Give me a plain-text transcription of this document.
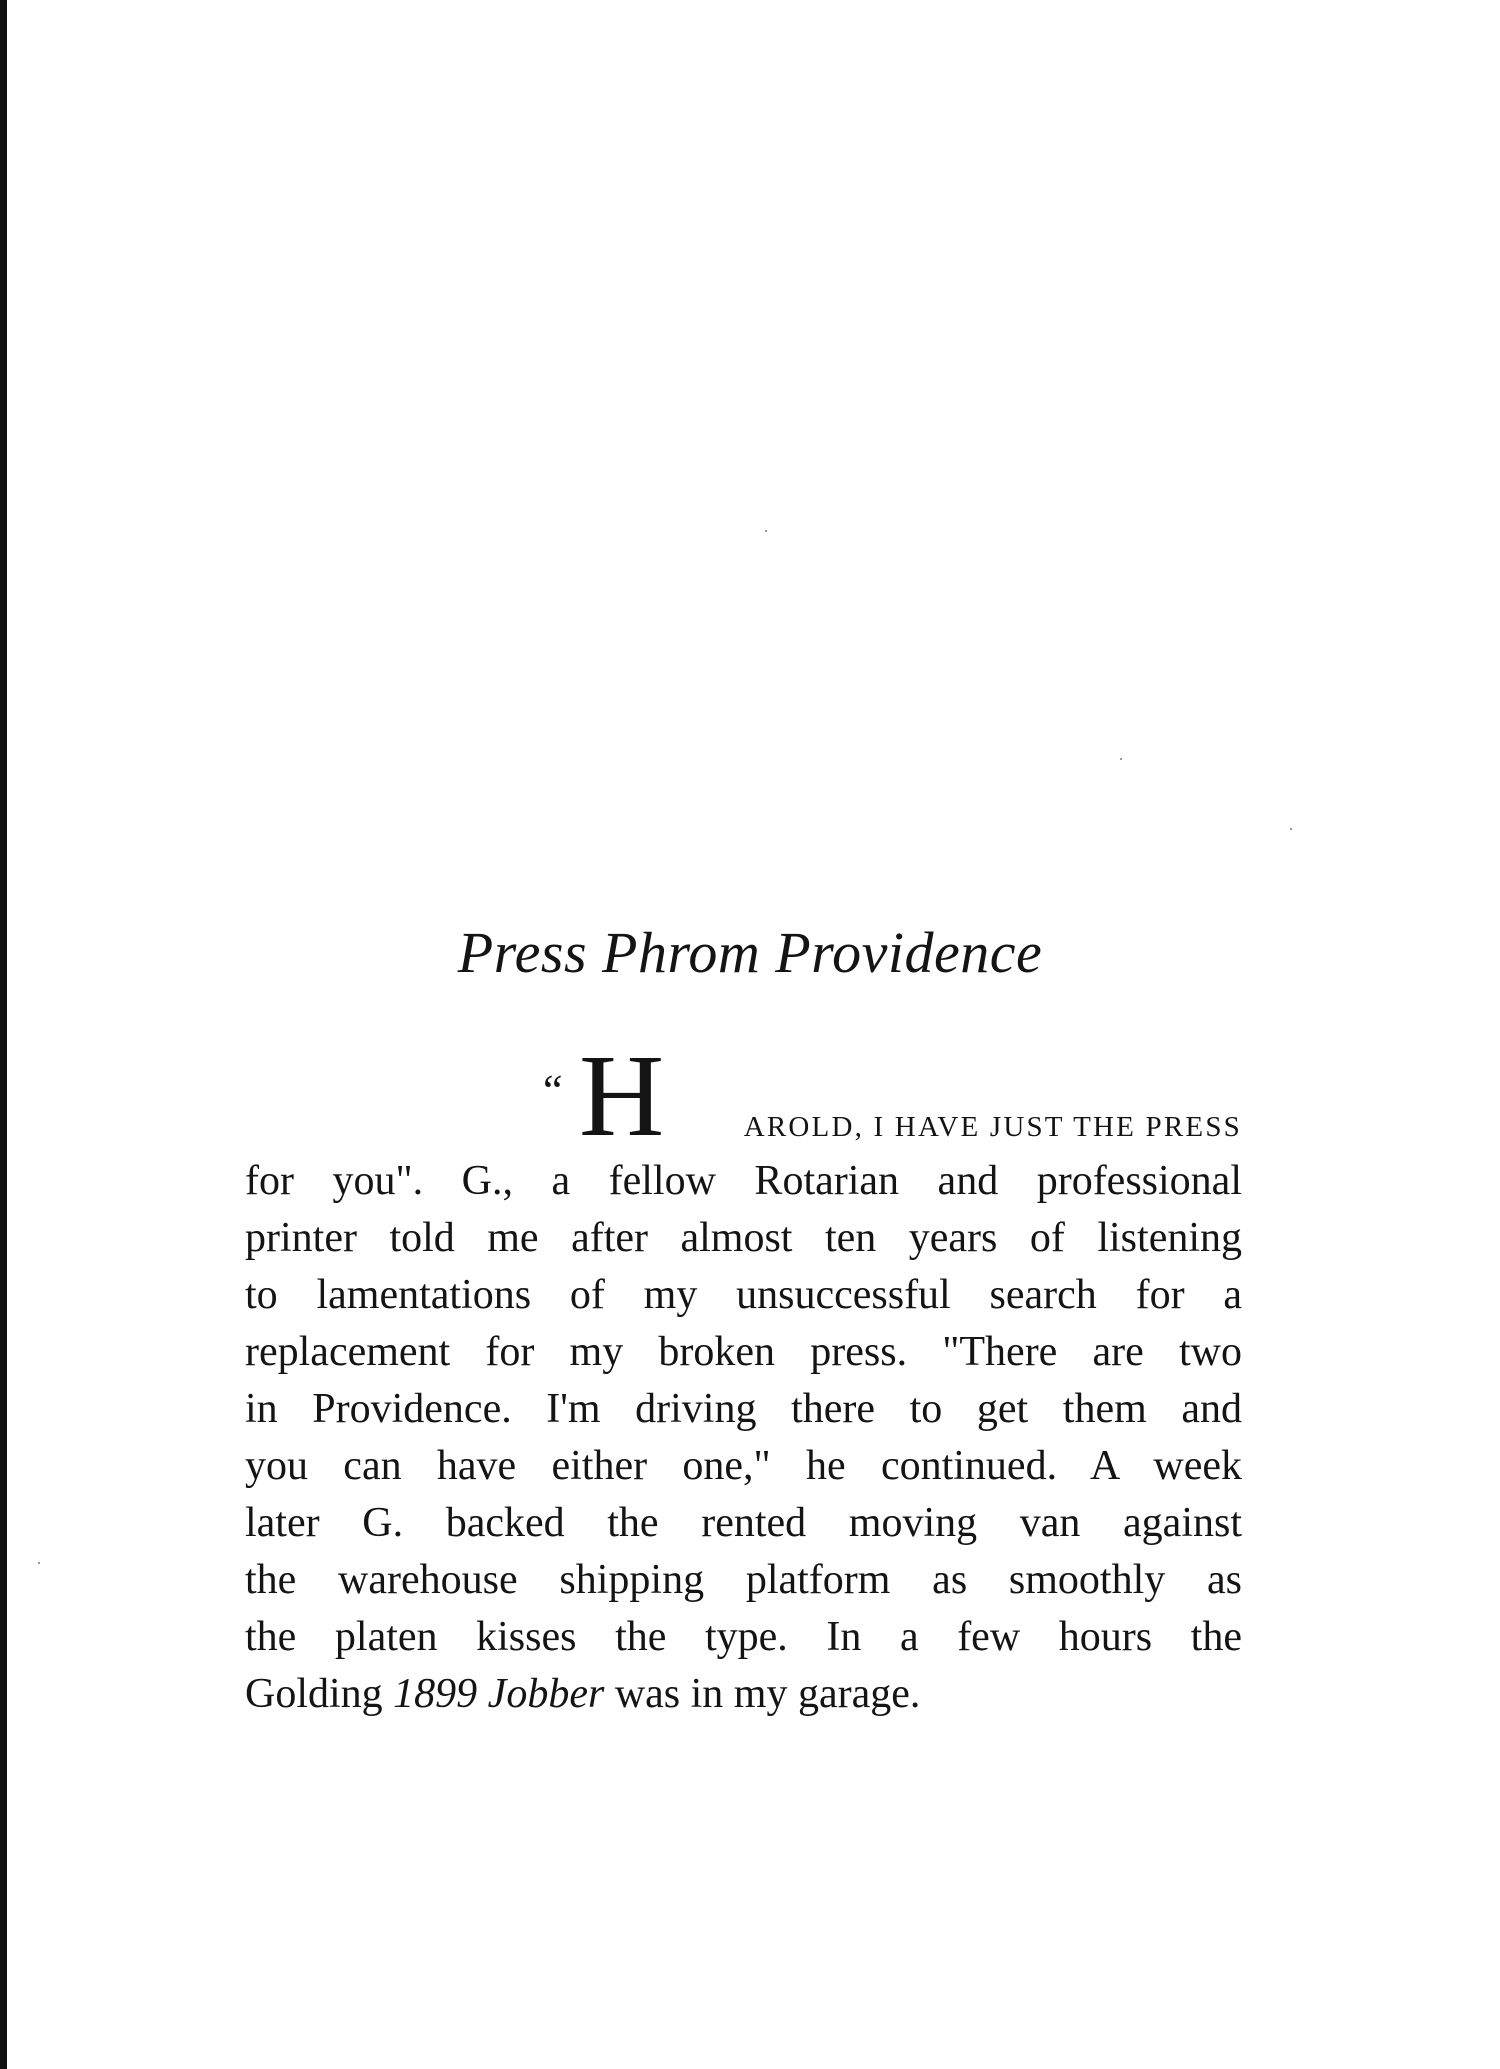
Press Phrom Providence
“ H	AROLD, I HAVE JUST THE PRESS
for you". G., a fellow Rotarian and professional
printer told me after almost ten years of listening
to lamentations of my unsuccessful search for a
replacement for my broken press. "There are two
in Providence. I'm driving there to get them and
you can have either one," he continued. A week
later G. backed the rented moving van against
the warehouse shipping platform as smoothly as
the platen kisses the type. In a few hours the
Golding 1899 Jobber was in my garage.
